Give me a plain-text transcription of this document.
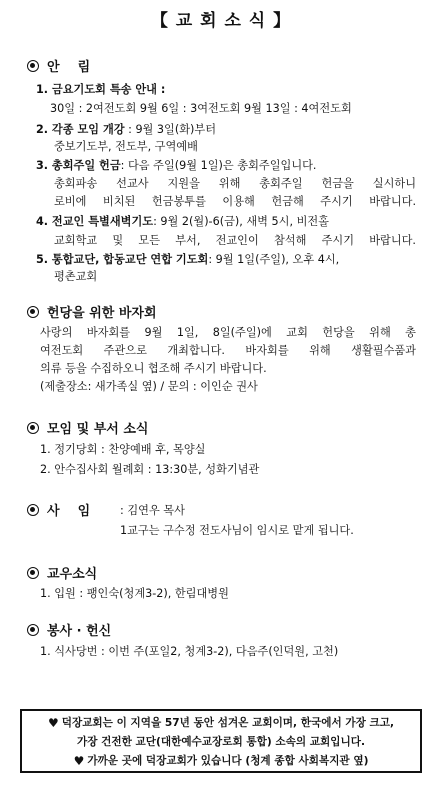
【 교 회 소 식 】
안    림
1. 금요기도회 특송 안내 :
30일 : 2여전도회 9월 6일 : 3여전도회 9월 13일 : 4여전도회
2. 각종 모임 개강 : 9월 3일(화)부터
중보기도부, 전도부, 구역예배
3. 총회주일 헌금: 다음 주일(9월 1일)은 총회주일입니다.
총회파송 선교사 지원을 위해 총회주일 헌금을 실시하니
로비에 비치된 헌금봉투를 이용해 헌금해 주시기 바랍니다.
4. 전교인 특별새벽기도: 9월 2(월)-6(금), 새벽 5시, 비전홀
교회학교 및 모든 부서, 전교인이 참석해 주시기 바랍니다.
5. 통합교단, 합동교단 연합 기도회: 9월 1일(주일), 오후 4시,
평촌교회
헌당을 위한 바자회
사랑의 바자회를 9월 1일, 8일(주일)에 교회 헌당을 위해 총
여전도회 주관으로 개최합니다. 바자회를 위해 생활필수품과
의류 등을 수집하오니 협조해 주시기 바랍니다.
(제출장소: 새가족실 옆) / 문의 : 이인순 권사
모임 및 부서 소식
1. 정기당회 : 찬양예배 후, 목양실
2. 안수집사회 월례회 : 13:30분, 성화기념관
사    임	: 김연우 목사
1교구는 구수정 전도사님이 임시로 맡게 됩니다.
교우소식
1. 입원 : 팽인숙(청계3-2), 한림대병원
봉사 · 헌신
1. 식사당번 : 이번 주(포일2, 청계3-2), 다음주(인덕원, 고천)
♥ 덕장교회는 이 지역을 57년 동안 섬겨온 교회이며, 한국에서 가장 크고,
가장 건전한 교단(대한예수교장로회 통합) 소속의 교회입니다.
♥ 가까운 곳에 덕장교회가 있습니다 (청계 종합 사회복지관 옆)
